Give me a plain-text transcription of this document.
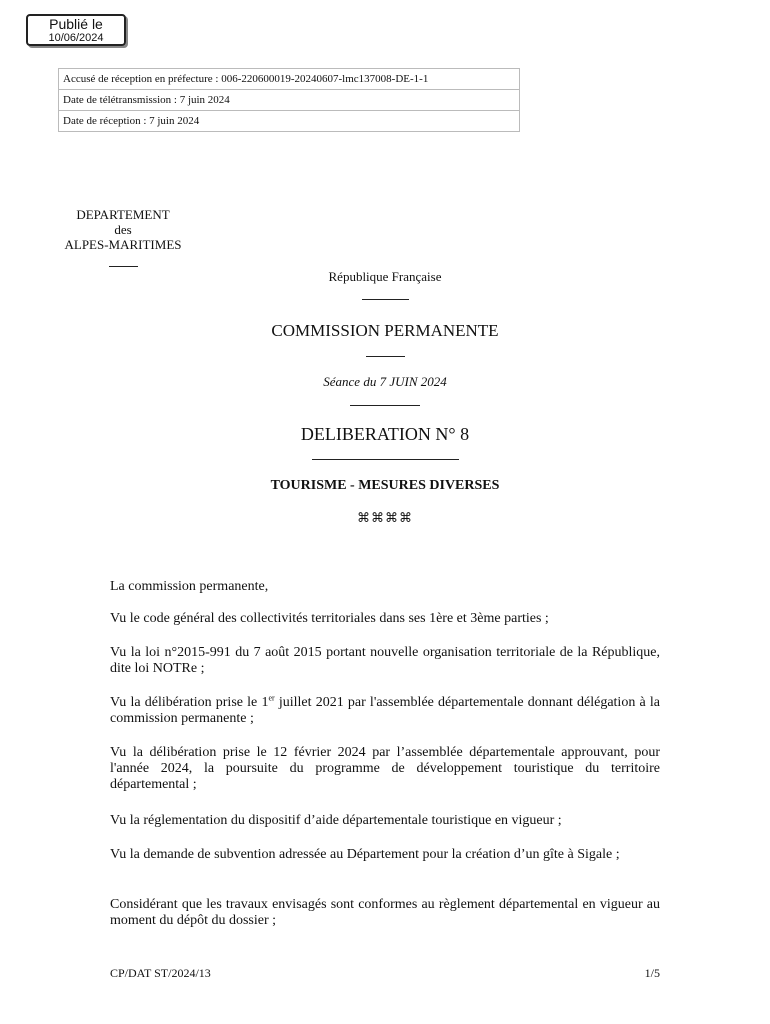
Publié le
10/06/2024
Accusé de réception en préfecture : 006-220600019-20240607-lmc137008-DE-1-1
Date de télétransmission : 7 juin 2024
Date de réception : 7 juin 2024
DEPARTEMENT
des
ALPES-MARITIMES
République Française
COMMISSION PERMANENTE
Séance du 7 JUIN 2024
DELIBERATION N° 8
TOURISME - MESURES DIVERSES
⌘⌘⌘⌘

La commission permanente,

Vu le code général des collectivités territoriales dans ses 1ère et 3ème parties ;

Vu la loi n°2015-991 du 7 août 2015 portant nouvelle organisation territoriale de la République, dite loi NOTRe ;

Vu la délibération prise le 1er juillet 2021 par l'assemblée départementale donnant délégation à la commission permanente ;

Vu la délibération prise le 12 février 2024 par l’assemblée départementale approuvant, pour l'année 2024, la poursuite du programme de développement touristique du territoire départemental ;

Vu la réglementation du dispositif d’aide départementale touristique en vigueur ;

Vu la demande de subvention adressée au Département pour la création d’un gîte à Sigale ;

Considérant que les travaux envisagés sont conformes au règlement départemental en vigueur au moment du dépôt du dossier ;

CP/DAT ST/2024/13	1/5
